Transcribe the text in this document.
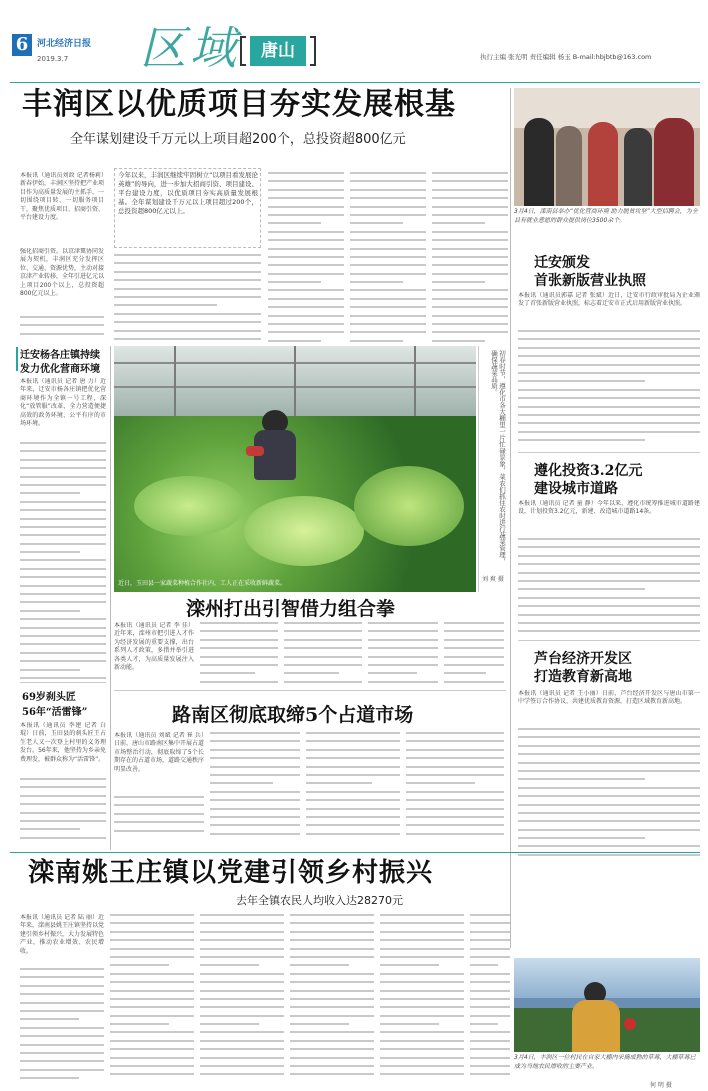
6 河北经济日报
2019.3.7 区域	唐山	执行主编 张光明 责任编辑 杨玉 B-mail:hbjbtb@163.com
丰润区以优质项目夯实发展根基
全年谋划建设千万元以上项目超200个，总投资超800亿元
3月4日，滦南县举办“优化营商环境 助力脱贫攻坚”大型招聘会，为全县有就业意愿的群众提供岗位3500余个。
本报讯（通讯员刘政 记者杨莉）新春伊始，丰润区坚持把产业项目作为高质量发展的主抓手，一切围绕项目转、一切服务项目干，聚焦优质项目、招商引资、平台建设力度。
强化招商引资。以京津冀协同发展为契机，丰润区充分发挥区位、交通、资源优势，主动对接京津产业转移，全年引进亿元以上项目200个以上，总投资超800亿元以上。
今年以来，丰润区继续牢固树立“以项目看发展论英雄”的导向，进一步加大招商引资、项目建设、平台建设力度，以优质项目夯实高质量发展根基。全年谋划建设千万元以上项目超过200个，总投资超800亿元以上。
迁安颁发
首张新版营业执照
本报讯（通讯员郭嘉 记者 张斌）近日，迁安市行政审批局为企业颁发了首张新版营业执照，标志着迁安市正式启用新版营业执照。
遵化投资3.2亿元
建设城市道路
本报讯（通讯员 记者 童 静）今年以来，遵化市统筹推进城市道路建设，计划投资3.2亿元，新建、改造城市道路14条。
芦台经济开发区
打造教育新高地
本报讯（通讯员 记者 王小丽）日前，芦台经济开发区与唐山市第一中学签订合作协议，共建优质教育资源，打造区域教育新高地。
迁安杨各庄镇持续
发力优化营商环境
本报讯（通讯员 记者 唐 力）近年来，迁安市杨各庄镇把优化营商环境作为全镇一号工程，深化“放管服”改革，全力营造便捷高效的政务环境、公平有序的市场环境。
69岁刹头匠
56年“活雷锋”
本报讯（通讯员 李建 记者 白琨）日前，玉田县的刹头匠王占生老人又一次登上村里的义务理发台。56年来，他坚持为乡亲免费理发，被群众称为“活雷锋”。
初春时节，遵化市各大棚里一片忙碌景象，菜农们抓住农时进行蔬菜管理，确保蔬菜品质。
刘 爽 摄
近日，玉田县一家蔬菜种植合作社内，工人正在采收新鲜蔬菜。
滦州打出引智借力组合拳
本报讯（通讯员 记者 李 佳）近年来，滦州市把引进人才作为经济发展的重要支撑，出台系列人才政策，多措并举引进各类人才，为高质量发展注入新动能。
路南区彻底取缔5个占道市场
本报讯（通讯员 刘斌 记者 崔 兵）日前，唐山市路南区集中开展占道市场整治行动，彻底取缔了5个长期存在的占道市场，道路交通秩序明显改善。
滦南姚王庄镇以党建引领乡村振兴
去年全镇农民人均收入达28270元
本报讯（通讯员 记者 陆 丽）近年来，滦南县姚王庄镇坚持以党建引领乡村振兴，大力发展特色产业，推动农业增效、农民增收。
3月4日，丰润区一位村民在自家大棚内采摘成熟的草莓，大棚草莓已成为当地农民增收的主要产业。
何 明 摄
